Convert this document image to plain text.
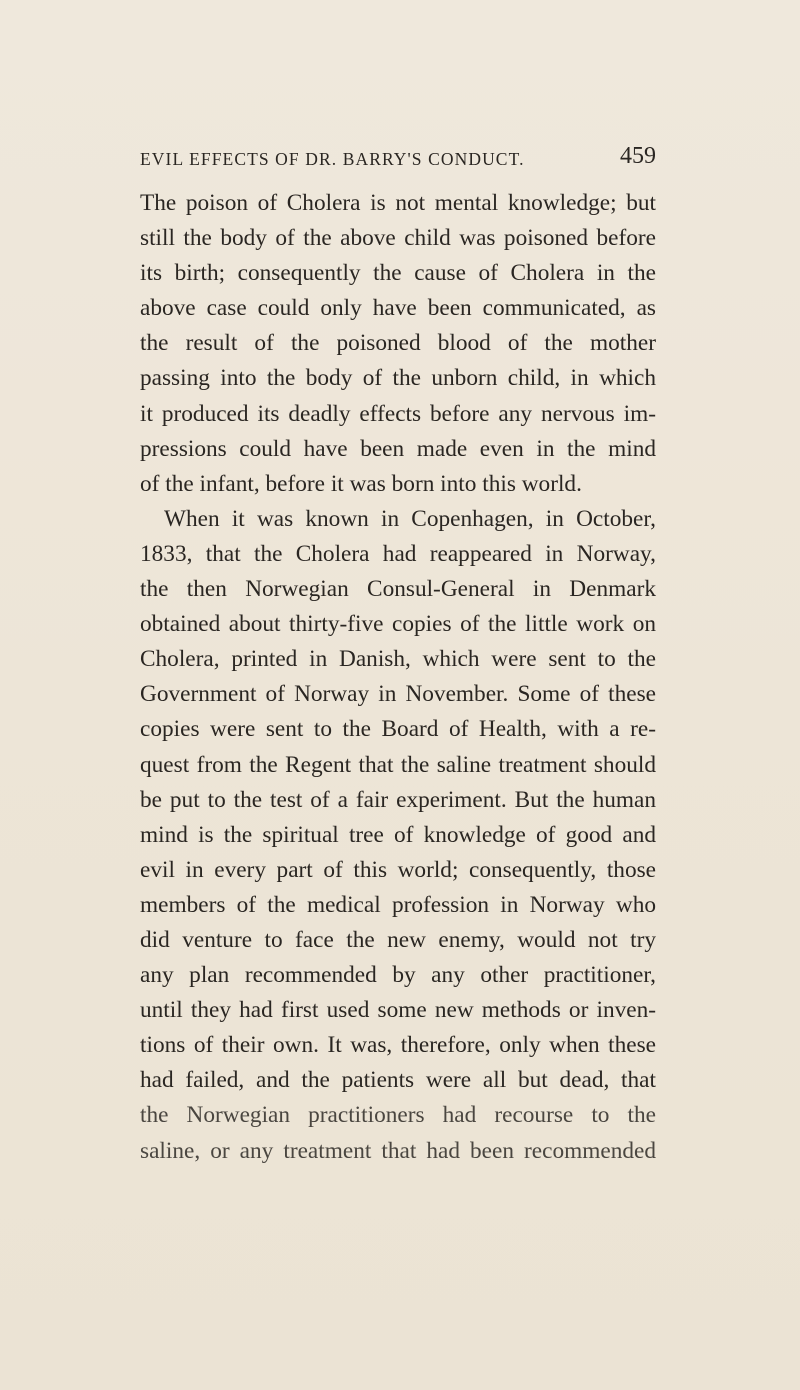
EVIL EFFECTS OF DR. BARRY'S CONDUCT.	459
The poison of Cholera is not mental knowledge; but
still the body of the above child was poisoned before
its birth; consequently the cause of Cholera in the
above case could only have been communicated, as
the result of the poisoned blood of the mother
passing into the body of the unborn child, in which
it produced its deadly effects before any nervous im-
pressions could have been made even in the mind
of the infant, before it was born into this world.
When it was known in Copenhagen, in October,
1833, that the Cholera had reappeared in Norway,
the then Norwegian Consul-General in Denmark
obtained about thirty-five copies of the little work on
Cholera, printed in Danish, which were sent to the
Government of Norway in November. Some of these
copies were sent to the Board of Health, with a re-
quest from the Regent that the saline treatment should
be put to the test of a fair experiment. But the human
mind is the spiritual tree of knowledge of good and
evil in every part of this world; consequently, those
members of the medical profession in Norway who
did venture to face the new enemy, would not try
any plan recommended by any other practitioner,
until they had first used some new methods or inven-
tions of their own. It was, therefore, only when these
had failed, and the patients were all but dead, that
the Norwegian practitioners had recourse to the
saline, or any treatment that had been recommended
